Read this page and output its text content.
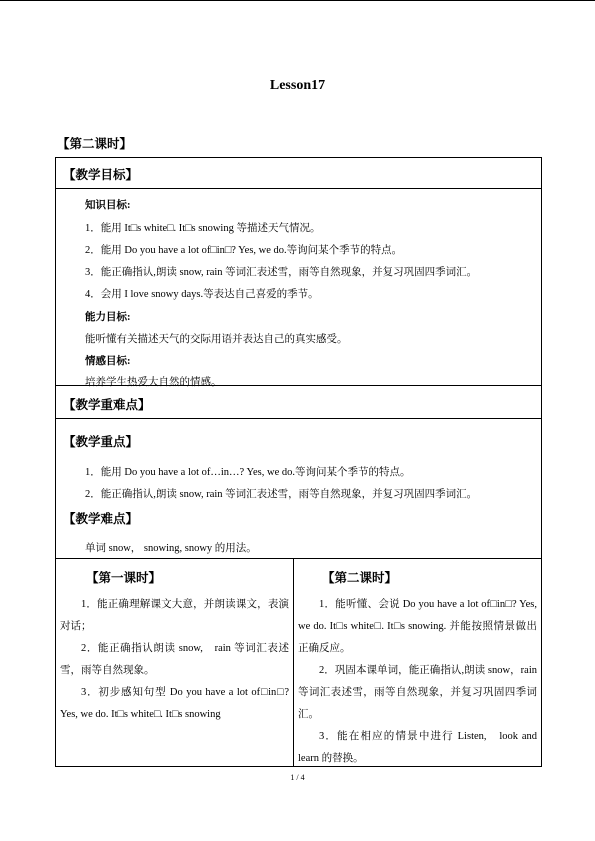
Lesson17
【第二课时】
【教学目标】
知识目标:
1．能用 It□s white□. It□s snowing 等描述天气情况。
2．能用 Do you have a lot of□in□? Yes, we do.等询问某个季节的特点。
3．能正确指认,朗读 snow, rain 等词汇表述雪，雨等自然现象，并复习巩固四季词汇。
4．会用 I love snowy days.等表达自己喜爱的季节。
能力目标:
能听懂有关描述天气的交际用语并表达自己的真实感受。
情感目标:
培养学生热爱大自然的情感。
【教学重难点】
【教学重点】
1．能用 Do you have a lot of…in…? Yes, we do.等询问某个季节的特点。
2．能正确指认,朗读 snow, rain 等词汇表述雪，雨等自然现象，并复习巩固四季词汇。
【教学难点】
单词 snow， snowing, snowy 的用法。
【第一课时】
1．能正确理解课文大意，并朗读课文，表演对话；
2．能正确指认朗读 snow,　rain 等词汇表述雪，雨等自然现象。
3．初步感知句型 Do you have a lot of□in□? Yes, we do. It□s white□. It□s snowing
【第二课时】
1．能听懂、会说 Do you have a lot of□in□? Yes, we do. It□s white□. It□s snowing. 并能按照情景做出正确反应。
2．巩固本课单词，能正确指认,朗读 snow，rain 等词汇表述雪，雨等自然现象，并复习巩固四季词汇。
3．能在相应的情景中进行 Listen,　look and learn 的替换。
1 / 4
